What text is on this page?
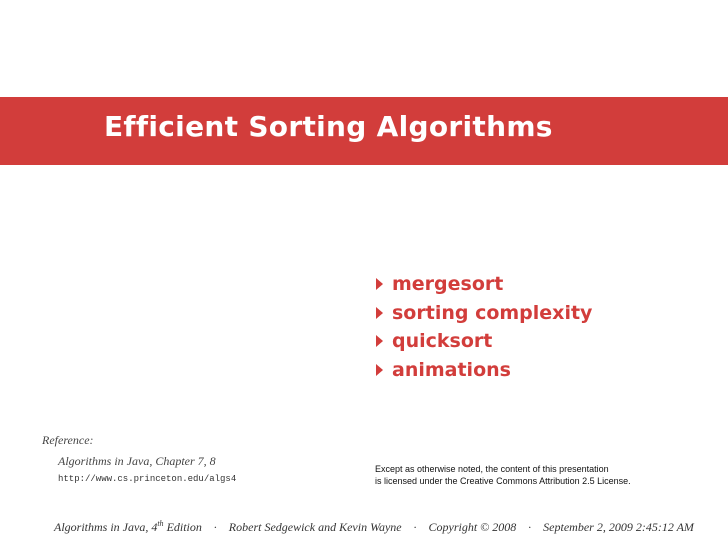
Efficient Sorting Algorithms
mergesort
sorting complexity
quicksort
animations
Reference:
Algorithms in Java, Chapter 7, 8
http://www.cs.princeton.edu/algs4
Except as otherwise noted, the content of this presentation
is licensed under the Creative Commons Attribution 2.5 License.
Algorithms in Java, 4th Edition · Robert Sedgewick and Kevin Wayne · Copyright © 2008 · September 2, 2009 2:45:12 AM
